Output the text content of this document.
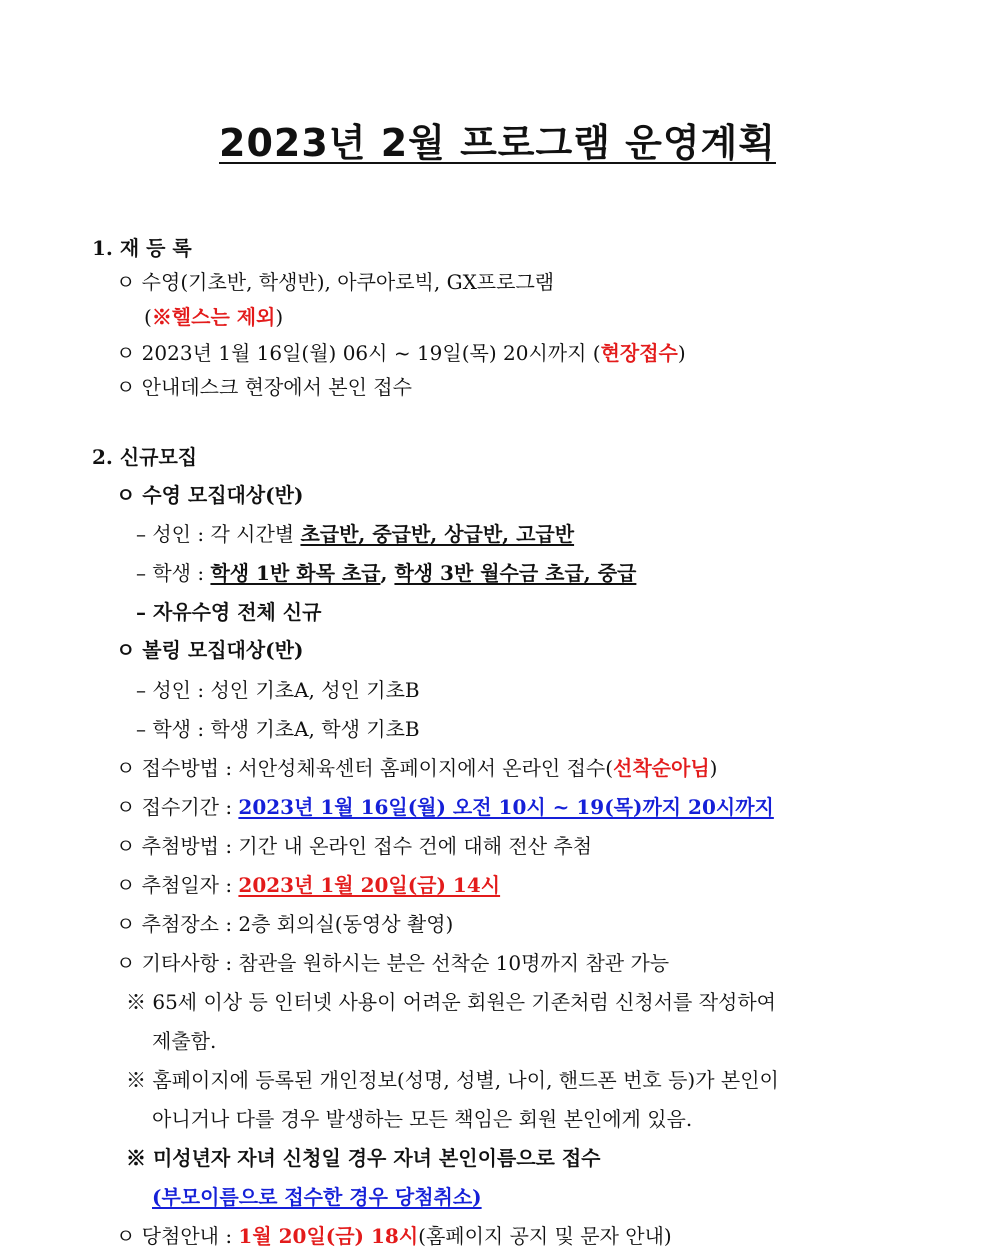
2023년 2월 프로그램 운영계획
1. 재 등 록
ㅇ 수영(기초반, 학생반), 아쿠아로빅, GX프로그램
(※헬스는 제외)
ㅇ 2023년 1월 16일(월) 06시 ~ 19일(목) 20시까지 (현장접수)
ㅇ 안내데스크 현장에서 본인 접수
2. 신규모집
ㅇ 수영 모집대상(반)
– 성인 : 각 시간별 초급반, 중급반, 상급반, 고급반
– 학생 : 학생 1반 화목 초급, 학생 3반 월수금 초급, 중급
– 자유수영 전체 신규
ㅇ 볼링 모집대상(반)
– 성인 : 성인 기초A, 성인 기초B
– 학생 : 학생 기초A, 학생 기초B
ㅇ 접수방법 : 서안성체육센터 홈페이지에서 온라인 접수(선착순아님)
ㅇ 접수기간 : 2023년 1월 16일(월) 오전 10시 ~ 19(목)까지 20시까지
ㅇ 추첨방법 : 기간 내 온라인 접수 건에 대해 전산 추첨
ㅇ 추첨일자 : 2023년 1월 20일(금) 14시
ㅇ 추첨장소 : 2층 회의실(동영상 촬영)
ㅇ 기타사항 : 참관을 원하시는 분은 선착순 10명까지 참관 가능
※ 65세 이상 등 인터넷 사용이 어려운 회원은 기존처럼 신청서를 작성하여
제출함.
※ 홈페이지에 등록된 개인정보(성명, 성별, 나이, 핸드폰 번호 등)가 본인이
아니거나 다를 경우 발생하는 모든 책임은 회원 본인에게 있음.
※ 미성년자 자녀 신청일 경우 자녀 본인이름으로 접수
(부모이름으로 접수한 경우 당첨취소)
ㅇ 당첨안내 : 1월 20일(금) 18시(홈페이지 공지 및 문자 안내)
